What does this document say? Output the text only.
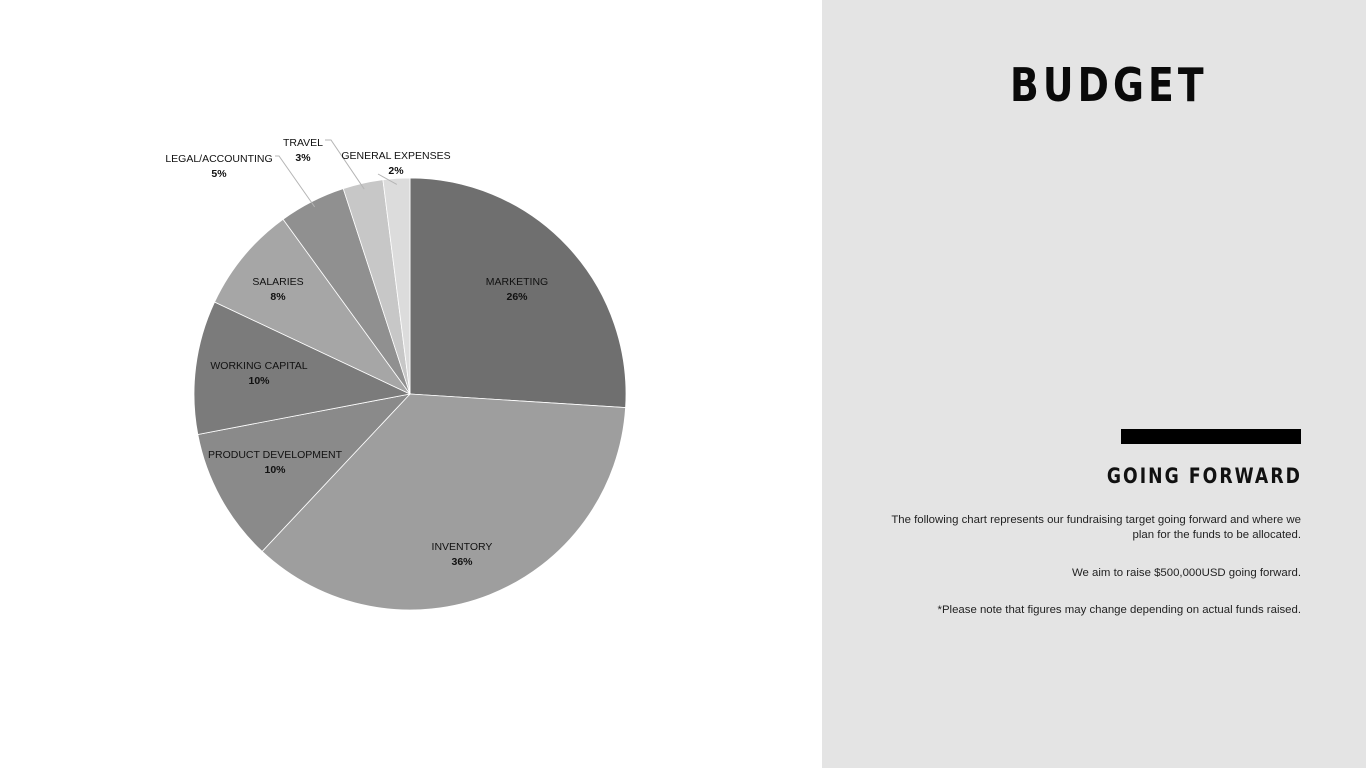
MARKETING
26%
INVENTORY
36%
PRODUCT DEVELOPMENT
10%
WORKING CAPITAL
10%
SALARIES
8%
LEGAL/ACCOUNTING
5%
TRAVEL
3%	GENERAL EXPENSES
2%
BUDGET
GOING FORWARD
The following chart represents our fundraising target going forward and where we plan for the funds to be allocated.
We aim to raise $500,000USD going forward.
*Please note that figures may change depending on actual funds raised.
